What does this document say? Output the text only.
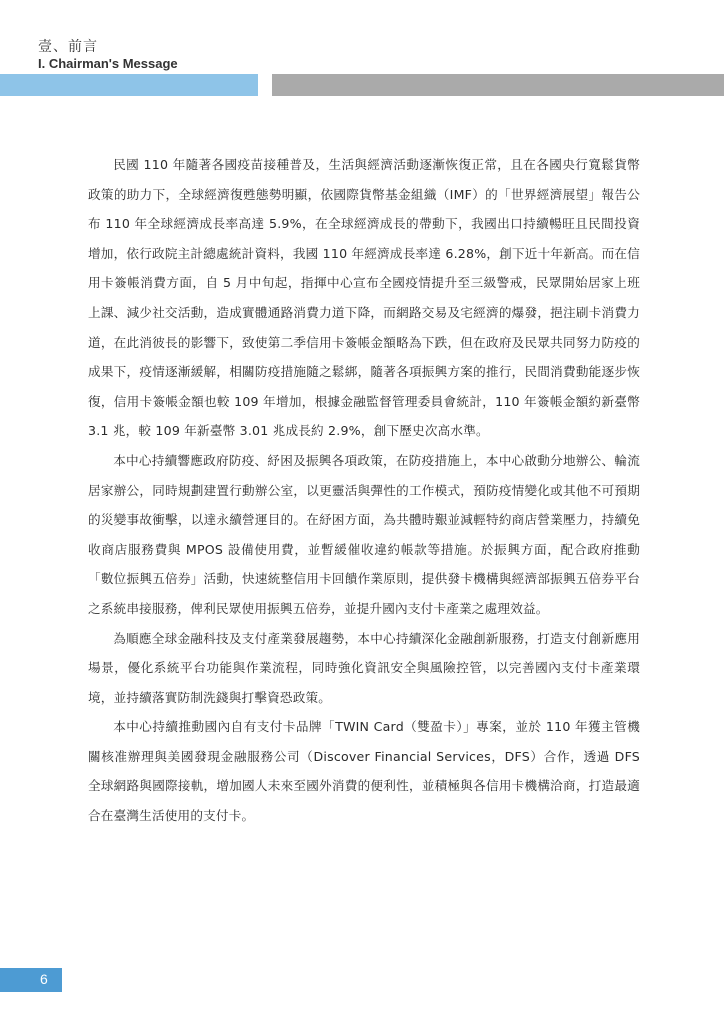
壹、前言
I. Chairman's Message

民國 110 年隨著各國疫苗接種普及，生活與經濟活動逐漸恢復正常，且在各國央行寬鬆貨幣政策的助力下，全球經濟復甦態勢明顯，依國際貨幣基金組織（IMF）的「世界經濟展望」報告公布 110 年全球經濟成長率高達 5.9%，在全球經濟成長的帶動下，我國出口持續暢旺且民間投資增加，依行政院主計總處統計資料，我國 110 年經濟成長率達 6.28%，創下近十年新高。而在信用卡簽帳消費方面，自 5 月中旬起，指揮中心宣布全國疫情提升至三級警戒，民眾開始居家上班上課、減少社交活動，造成實體通路消費力道下降，而網路交易及宅經濟的爆發，挹注刷卡消費力道，在此消彼長的影響下，致使第二季信用卡簽帳金額略為下跌，但在政府及民眾共同努力防疫的成果下，疫情逐漸緩解，相關防疫措施隨之鬆綁，隨著各項振興方案的推行，民間消費動能逐步恢復，信用卡簽帳金額也較 109 年增加，根據金融監督管理委員會統計，110 年簽帳金額約新臺幣 3.1 兆，較 109 年新臺幣 3.01 兆成長約 2.9%，創下歷史次高水準。

本中心持續響應政府防疫、紓困及振興各項政策，在防疫措施上，本中心啟動分地辦公、輪流居家辦公，同時規劃建置行動辦公室，以更靈活與彈性的工作模式，預防疫情變化或其他不可預期的災變事故衝擊，以達永續營運目的。在紓困方面，為共體時艱並減輕特約商店營業壓力，持續免收商店服務費與 MPOS 設備使用費，並暫緩催收違約帳款等措施。於振興方面，配合政府推動「數位振興五倍券」活動，快速統整信用卡回饋作業原則，提供發卡機構與經濟部振興五倍券平台之系統串接服務，俾利民眾使用振興五倍券，並提升國內支付卡產業之處理效益。

為順應全球金融科技及支付產業發展趨勢，本中心持續深化金融創新服務，打造支付創新應用場景，優化系統平台功能與作業流程，同時強化資訊安全與風險控管，以完善國內支付卡產業環境，並持續落實防制洗錢與打擊資恐政策。

本中心持續推動國內自有支付卡品牌「TWIN Card（雙盈卡）」專案，並於 110 年獲主管機關核准辦理與美國發現金融服務公司（Discover Financial Services，DFS）合作，透過 DFS 全球網路與國際接軌，增加國人未來至國外消費的便利性，並積極與各信用卡機構洽商，打造最適合在臺灣生活使用的支付卡。

6
